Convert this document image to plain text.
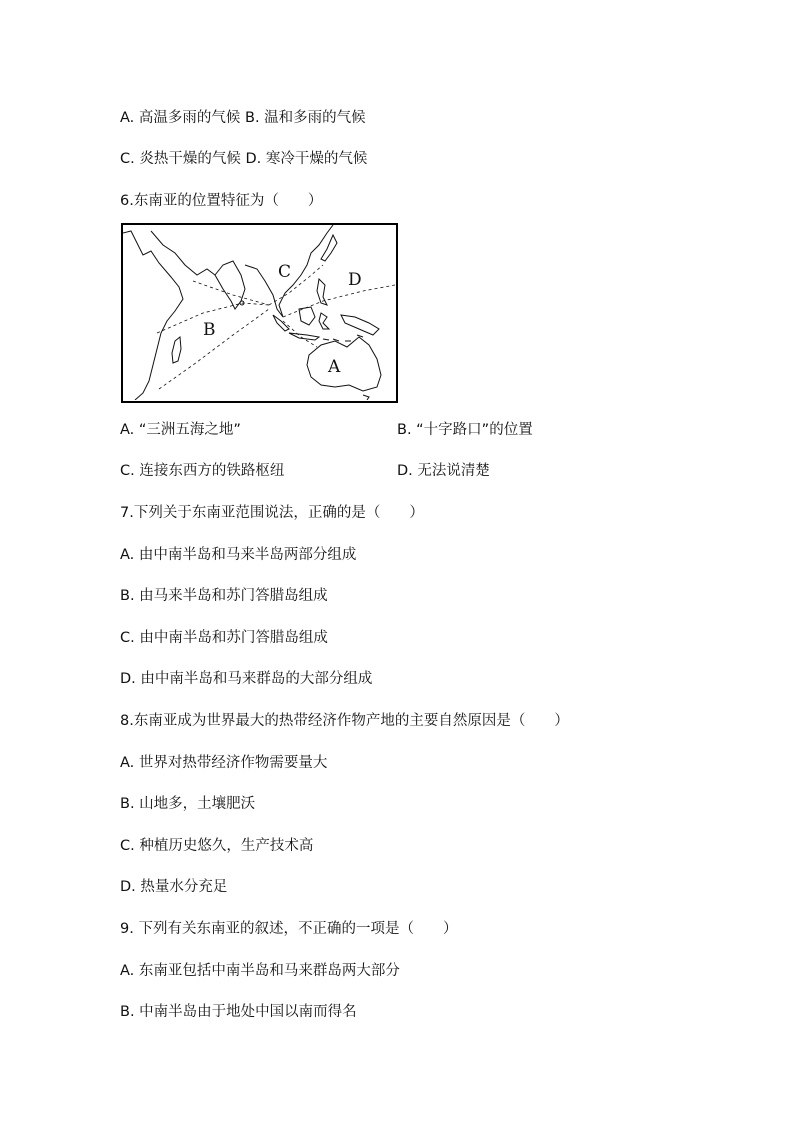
A. 高温多雨的气候 B. 温和多雨的气候
C. 炎热干燥的气候 D. 寒冷干燥的气候
6.东南亚的位置特征为（　　）
A
B
C	D
A. “三洲五海之地”	B. “十字路口”的位置
C. 连接东西方的铁路枢纽	D. 无法说清楚
7.下列关于东南亚范围说法，正确的是（　　）
A. 由中南半岛和马来半岛两部分组成
B. 由马来半岛和苏门答腊岛组成
C. 由中南半岛和苏门答腊岛组成
D. 由中南半岛和马来群岛的大部分组成
8.东南亚成为世界最大的热带经济作物产地的主要自然原因是（　　）
A. 世界对热带经济作物需要量大
B. 山地多，土壤肥沃
C. 种植历史悠久，生产技术高
D. 热量水分充足
9. 下列有关东南亚的叙述，不正确的一项是（　　）
A. 东南亚包括中南半岛和马来群岛两大部分
B. 中南半岛由于地处中国以南而得名
